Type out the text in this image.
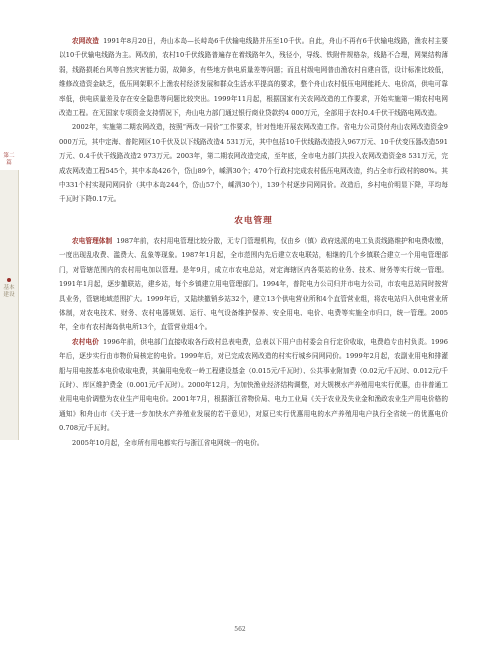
第二篇
基本建设

农网改造 1991年8月20日，舟山本岛—长峙岛6千伏输电线路并压至10千伏。自此，舟山不再有6千伏输电线路，渔农村主要以10千伏输电线路为主。网改前，农村10千伏线路普遍存在着线路年久，残径小，导线、铁附件规格杂，线路不合理，网架结构薄弱，线路损耗台风等自然灾害能力弱，故障多，有些地方供电质量差等问题；而且村级电网普由渔农村自建自管，设计标准比较低，维修改造资金缺乏，低压网架职不上渔农村经济发展和群众生活水平提高的要求，整个舟山农村低压电网能耗大、电价高，供电可靠率低，供电质量差及存在安全隐患等问题比较突出。1999年11月起，根据国家有关农网改造的工作要求，开始实施第一期农村电网改造工程。在无国家专项资金支持情况下，舟山电力部门通过银行商业贷款约4 000万元，全部用于农村0.4千伏干线路电网改造。

2002年，实施第二期农网改造，按照“两改一同价”工作要求，针对性地开展农网改造工作。省电力公司贷付舟山农网改造资金9 000万元，其中定海、普陀网区10千伏及以下线路改造4 531万元，其中包括10千伏线路改造投入967万元、10千伏变压器改造591万元、0.4千伏干线路改造2 973万元。2003年，第二期农网改造完成，至年底，全市电力部门共投入农网改造资金8 531万元，完成农网改造工程545个，其中本岛426个，岱山89个，嵊泗30个；470个行政村完成农村低压电网改造，约占全市行政村的80%。其中331个村实现同网同价（其中本岛244个，岱山57个，嵊泗30个），139个村逐步同网同价。改造后，乡村电价明显下降，平均每千瓦时下降0.17元。

农电管理

农电管理体制 1987年前，农村用电管理比较分散，无专门管理机构，仅由乡（镇）政府选派的电工负责线路维护和电费收缴，一度出现乱收费、滥费大、乱象等现象。1987年1月起，全市范围内先后建立农电联站，相继的几个乡镇联合建立一个用电管理部门，对管辖范围内的农村用电加以管理。是年9月，成立市农电总站，对定海辖区内各渠站的业务、技术、财务等实行统一管理。1991年1月起，逐步撤联站，建乡站，每个乡镇建立用电管理部门。1994年，普陀电力公司归并市电力公司，市农电总站同时按营具业务，管辖地域范围扩大。1999年后，又陆续撤销乡站32个，建立13个供电营业所和4个直管营业组，将农电站归入供电营业所体制，对农电技术、财务、农村电器规划、运行、电气设备维护保养、安全用电、电价、电费等实施全市归口，统一管理。2005年，全市有农村海岛供电所13个，直管营业组4个。

农村电价 1996年前，供电部门直接收取各行政村总表电费，总表以下用户由村委会自行定价收取，电费趋专由村负责。1996年后，逐步实行由市物价局核定的电价。1999年后，对已完成农网改造的村实行城乡同网同价。1999年2月起，农副业用电和排灌船与用电按基本电价收取电费，其偏用电免收一岭工程建设基金（0.015元/千瓦时）、公共事业附加费（0.02元/千瓦时、0.012元/千瓦时）、库区维护费金（0.001元/千瓦时）。2000年12月，为加快渔业经济结构调整，对大规模水产养殖用电实行优惠，由非普通工业用电电价调整为农业生产用电电价。2001年7月，根据浙江省物价局、电力工业局《关于农业及失业金和渔政农业生产用电价格的通知》和舟山市《关于进一步加快水产养殖业发展的若干意见》，对原已实行优惠用电的水产养殖用电户执行全省统一的优惠电价0.708元/千瓦时。

2005年10月起，全市所有用电都实行与浙江省电网统一的电价。

562
